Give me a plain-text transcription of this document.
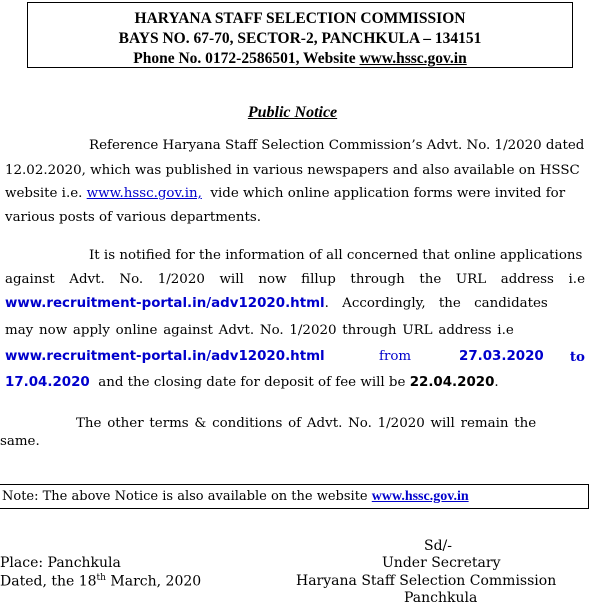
HARYANA STAFF SELECTION COMMISSION
BAYS NO. 67-70, SECTOR-2, PANCHKULA – 134151
Phone No. 0172-2586501, Website www.hssc.gov.in
Public Notice
Reference Haryana Staff Selection Commission’s Advt. No. 1/2020 dated
12.02.2020, which was published in various newspapers and also available on HSSC
website i.e. www.hssc.gov.in, vide which online application forms were invited for
various posts of various departments.
It is notified for the information of all concerned that online applications
against Advt. No. 1/2020 will now fillup through the URL address i.e
www.recruitment-portal.in/adv12020.html. Accordingly, the candidates
may now apply online against Advt. No. 1/2020 through URL address i.e
www.recruitment-portal.in/adv12020.html	from	27.03.2020 to
17.04.2020 and the closing date for deposit of fee will be 22.04.2020.
The other terms & conditions of Advt. No. 1/2020 will remain the
same.
Note: The above Notice is also available on the website www.hssc.gov.in
Sd/-
Under Secretary
Haryana Staff Selection Commission
Panchkula
Place: Panchkula
Dated, the 18th March, 2020
